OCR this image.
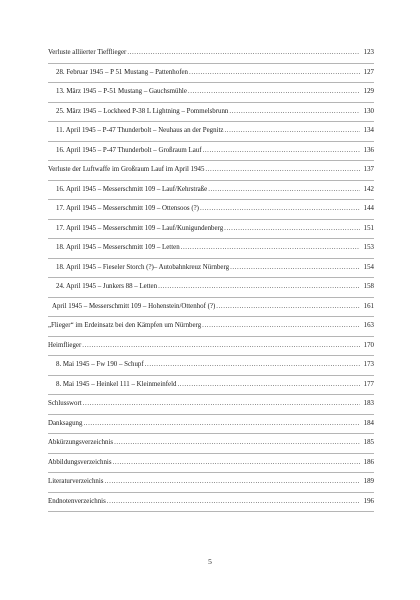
Verluste alliierter Tiefflieger .....	123
28. Februar 1945 – P 51 Mustang – Pattenhofen .....	127
13. März 1945 – P-51 Mustang – Gauchsmühle .....	129
25. März 1945 – Lockheed P-38 L Lightning – Pommelsbrunn .....	130
11. April 1945 – P-47 Thunderbolt – Neuhaus an der Pegnitz .....	134
16. April 1945 – P-47 Thunderbolt – Großraum Lauf .....	136
Verluste der Luftwaffe im Großraum Lauf im April 1945 .....	137
16. April 1945 – Messerschmitt 109 – Lauf/Kehrstraße .....	142
17. April 1945 – Messerschmitt 109 – Ottensoos (?) .....	144
17. April 1945 – Messerschmitt 109 – Lauf/Kunigundenberg .....	151
18. April 1945 – Messerschmitt 109 – Letten .....	153
18. April 1945 – Fieseler Storch (?)– Autobahnkreuz Nürnberg .....	154
24. April 1945 – Junkers 88 – Letten .....	158
April 1945 – Messerschmitt 109 – Hohenstein/Ottenhof (?) .....	161
„Flieger“ im Erdeinsatz bei den Kämpfen um Nürnberg .....	163
Heimflieger .....	170
8. Mai 1945 – Fw 190 – Schupf .....	173
8. Mai 1945 – Heinkel 111 – Kleinmeinfeld .....	177
Schlusswort .....	183
Danksagung .....	184
Abkürzungsverzeichnis .....	185
Abbildungsverzeichnis .....	186
Literaturverzeichnis .....	189
Endnotenverzeichnis .....	196
5
